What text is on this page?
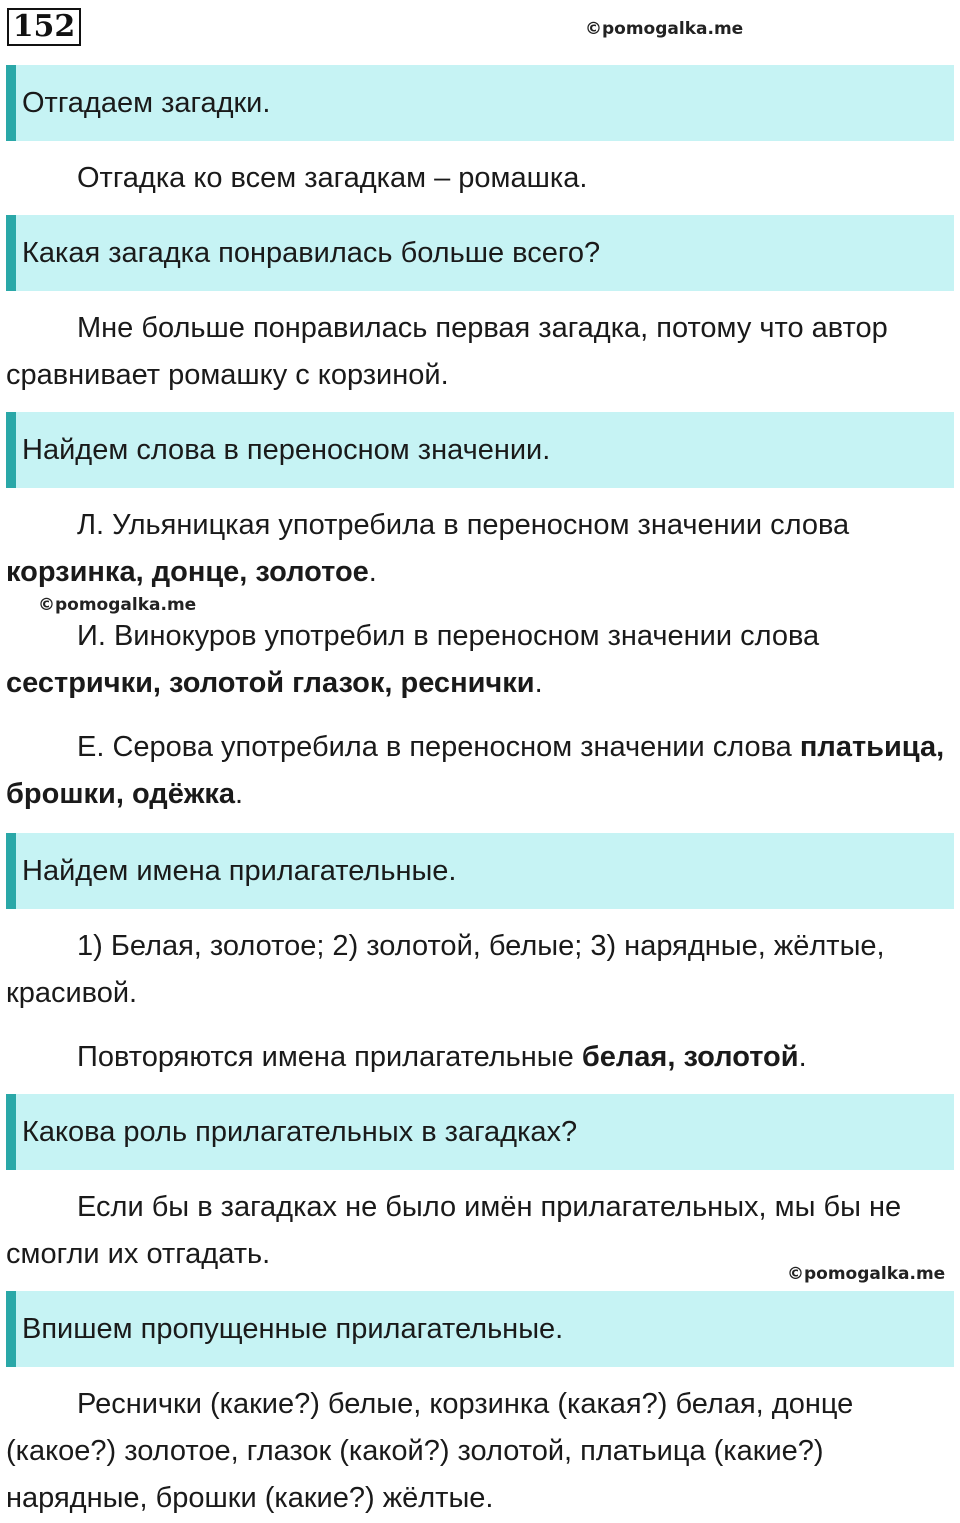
152	©pomogalka.me
Отгадаем загадки.

Отгадка ко всем загадкам – ромашка.

Какая загадка понравилась больше всего?

Мне больше понравилась первая загадка, потому что автор сравнивает ромашку с корзиной.

Найдем слова в переносном значении.

Л. Ульяницкая употребила в переносном значении слова корзинка, донце, золотое.

©pomogalka.me

И. Винокуров употребил в переносном значении слова сестрички, золотой глазок, реснички.

Е. Серова употребила в переносном значении слова платьица, брошки, одёжка.

Найдем имена прилагательные.

1) Белая, золотое; 2) золотой, белые; 3) нарядные, жёлтые, красивой.

Повторяются имена прилагательные белая, золотой.

Какова роль прилагательных в загадках?

Если бы в загадках не было имён прилагательных, мы бы не смогли их отгадать.

©pomogalka.me
Впишем пропущенные прилагательные.

Реснички (какие?) белые, корзинка (какая?) белая, донце (какое?) золотое, глазок (какой?) золотой, платьица (какие?) нарядные, брошки (какие?) жёлтые.
